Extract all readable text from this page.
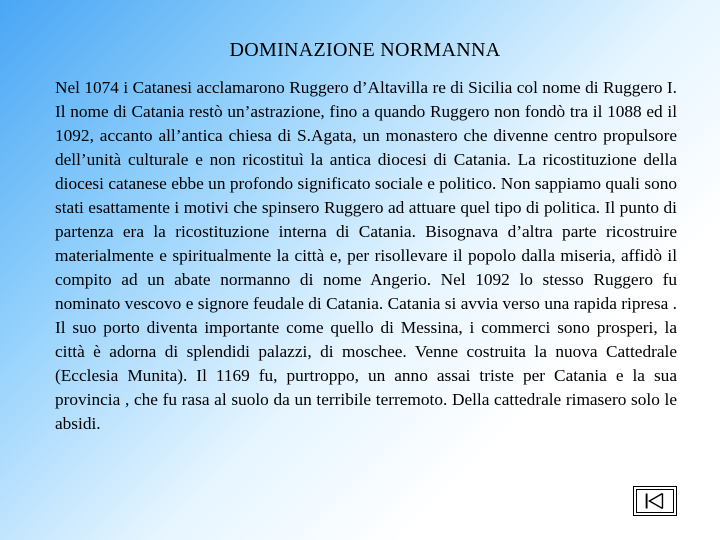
DOMINAZIONE NORMANNA

Nel 1074 i Catanesi acclamarono Ruggero d’Altavilla re di Sicilia col nome di Ruggero I. Il nome di Catania restò un’astrazione, fino a quando Ruggero non fondò tra il 1088 ed il 1092, accanto all’antica chiesa di S.Agata, un monastero che divenne centro propulsore dell’unità culturale e non ricostituì la antica diocesi di Catania. La ricostituzione della diocesi catanese ebbe un profondo significato sociale e politico. Non sappiamo quali sono stati esattamente i motivi che spinsero Ruggero ad attuare quel tipo di politica. Il punto di partenza era la ricostituzione interna di Catania. Bisognava d’altra parte ricostruire materialmente e spiritualmente la città e, per risollevare il popolo dalla miseria, affidò il compito ad un abate normanno di nome Angerio. Nel 1092 lo stesso Ruggero fu nominato vescovo e signore feudale di Catania. Catania si avvia verso una rapida ripresa . Il suo porto diventa importante come quello di Messina, i commerci sono prosperi, la città è adorna di splendidi palazzi, di moschee. Venne costruita la nuova Cattedrale (Ecclesia Munita). Il 1169 fu, purtroppo, un anno assai triste per Catania e la sua provincia , che fu rasa al suolo da un terribile terremoto. Della cattedrale rimasero solo le absidi.
